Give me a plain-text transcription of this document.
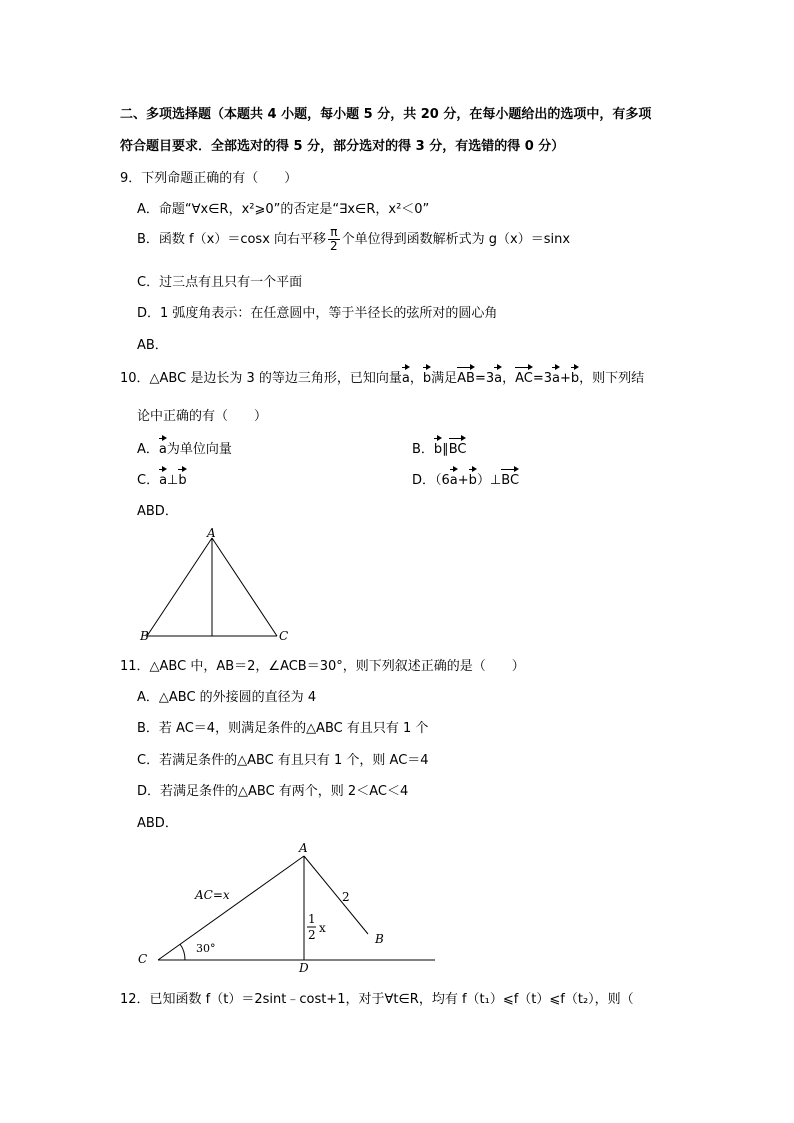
二、多项选择题（本题共 4 小题，每小题 5 分，共 20 分，在每小题给出的选项中，有多项
符合题目要求．全部选对的得 5 分，部分选对的得 3 分，有选错的得 0 分）
9．下列命题正确的有（　　）
A．命题“∀x∈R，x²⩾0”的否定是“∃x∈R，x²＜0”
B．函数 f（x）＝cosx 向右平移 $\frac{\pi}{2}$ 个单位得到函数解析式为 g（x）＝sinx
C．过三点有且只有一个平面
D．1 弧度角表示：在任意圆中，等于半径长的弦所对的圆心角
AB．
10．△ABC 是边长为 3 的等边三角形，已知向量a，b满足AB=3a，AC=3a+b，则下列结
论中正确的有（　　）
A．a为单位向量	B．b∥BC
C．a⊥b	D．（6a+b）⊥BC
ABD．
A
B	C
11．△ABC 中，AB＝2，∠ACB＝30°，则下列叙述正确的是（　　）
A．△ABC 的外接圆的直径为 4
B．若 AC＝4，则满足条件的△ABC 有且只有 1 个
C．若满足条件的△ABC 有且只有 1 个，则 AC＝4
D．若满足条件的△ABC 有两个，则 2＜AC＜4
ABD．
A
B
C
D
AC=x	2
30°
1
2 x
12．已知函数 f（t）＝2sint﹣cost+1，对于∀t∈R，均有 f（t₁）⩽f（t）⩽f（t₂），则（
